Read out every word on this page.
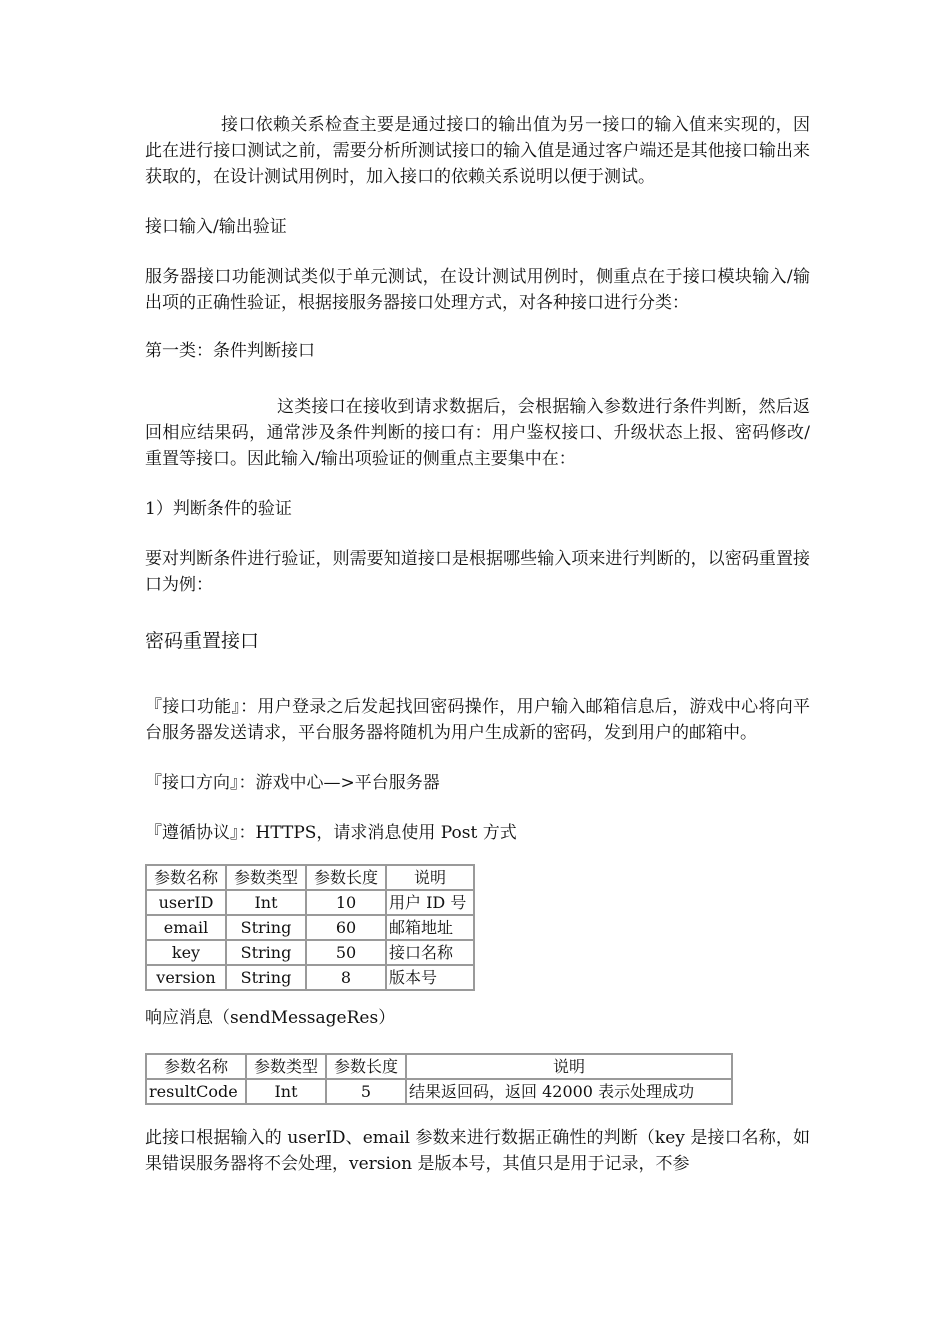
接口依赖关系检查主要是通过接口的输出值为另一接口的输入值来实现的，因此在进行接口测试之前，需要分析所测试接口的输入值是通过客户端还是其他接口输出来获取的，在设计测试用例时，加入接口的依赖关系说明以便于测试。

接口输入/输出验证

服务器接口功能测试类似于单元测试，在设计测试用例时，侧重点在于接口模块输入/输出项的正确性验证，根据接服务器接口处理方式，对各种接口进行分类：

第一类：条件判断接口

这类接口在接收到请求数据后，会根据输入参数进行条件判断，然后返回相应结果码，通常涉及条件判断的接口有：用户鉴权接口、升级状态上报、密码修改/重置等接口。因此输入/输出项验证的侧重点主要集中在：

1）判断条件的验证

要对判断条件进行验证，则需要知道接口是根据哪些输入项来进行判断的，以密码重置接口为例：

密码重置接口

『接口功能』：用户登录之后发起找回密码操作，用户输入邮箱信息后，游戏中心将向平台服务器发送请求，平台服务器将随机为用户生成新的密码，发到用户的邮箱中。

『接口方向』：游戏中心—>平台服务器

『遵循协议』：HTTPS，请求消息使用 Post 方式

参数名称	参数类型	参数长度	说明
userID	Int	10	用户 ID 号
email	String	60	邮箱地址
key	String	50	接口名称
version	String	8	版本号

响应消息（sendMessageRes）

参数名称	参数类型	参数长度	说明
resultCode	Int	5	结果返回码，返回 42000 表示处理成功

此接口根据输入的 userID、email 参数来进行数据正确性的判断（key 是接口名称，如果错误服务器将不会处理，version 是版本号，其值只是用于记录，不参
